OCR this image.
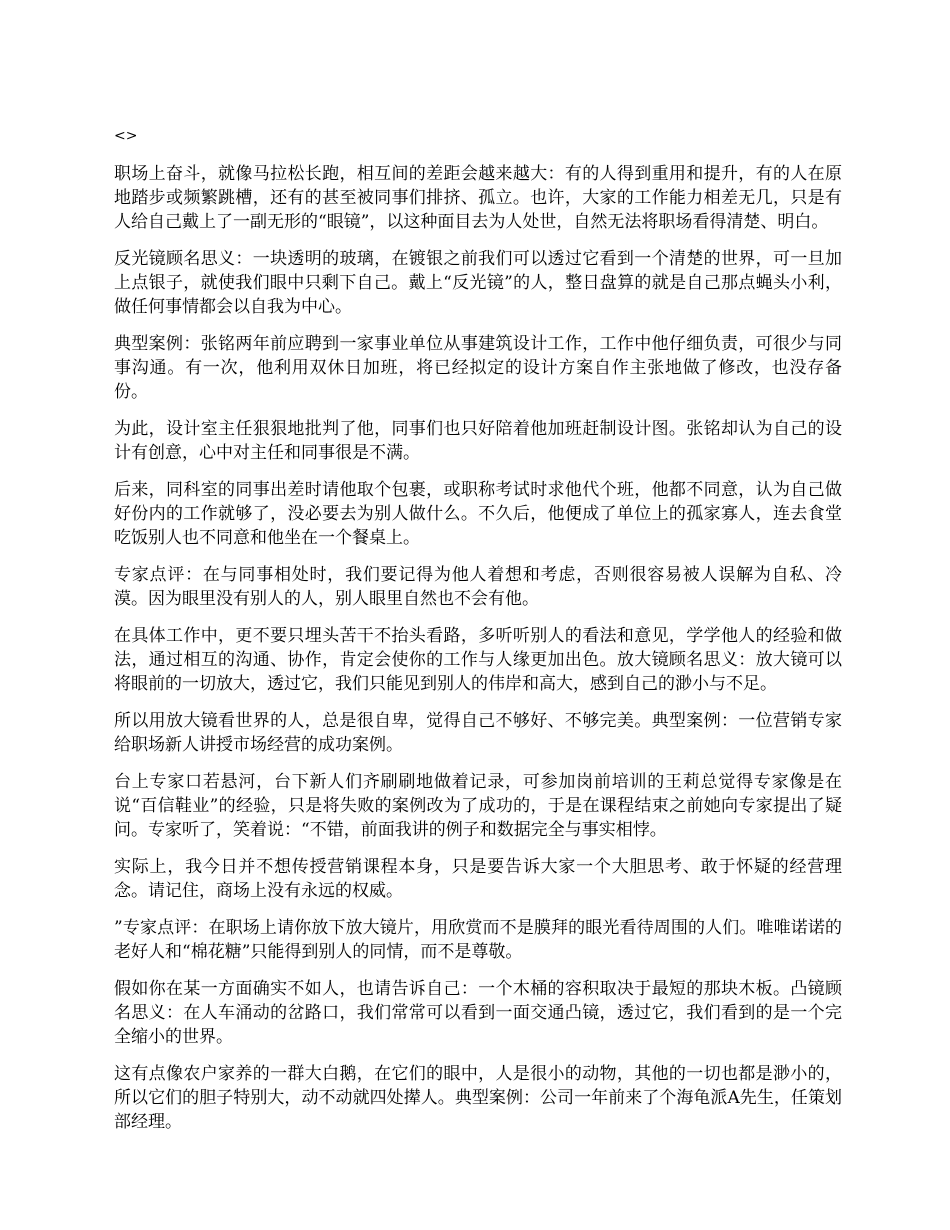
<>

职场上奋斗，就像马拉松长跑，相互间的差距会越来越大：有的人得到重用和提升，有的人在原地踏步或频繁跳槽，还有的甚至被同事们排挤、孤立。也许，大家的工作能力相差无几，只是有人给自己戴上了一副无形的“眼镜”，以这种面目去为人处世，自然无法将职场看得清楚、明白。

反光镜顾名思义：一块透明的玻璃，在镀银之前我们可以透过它看到一个清楚的世界，可一旦加上点银子，就使我们眼中只剩下自己。戴上“反光镜”的人，整日盘算的就是自己那点蝇头小利，做任何事情都会以自我为中心。

典型案例：张铭两年前应聘到一家事业单位从事建筑设计工作，工作中他仔细负责，可很少与同事沟通。有一次，他利用双休日加班，将已经拟定的设计方案自作主张地做了修改，也没存备份。

为此，设计室主任狠狠地批判了他，同事们也只好陪着他加班赶制设计图。张铭却认为自己的设计有创意，心中对主任和同事很是不满。

后来，同科室的同事出差时请他取个包裹，或职称考试时求他代个班，他都不同意，认为自己做好份内的工作就够了，没必要去为别人做什么。不久后，他便成了单位上的孤家寡人，连去食堂吃饭别人也不同意和他坐在一个餐桌上。

专家点评：在与同事相处时，我们要记得为他人着想和考虑，否则很容易被人误解为自私、冷漠。因为眼里没有别人的人，别人眼里自然也不会有他。

在具体工作中，更不要只埋头苦干不抬头看路，多听听别人的看法和意见，学学他人的经验和做法，通过相互的沟通、协作，肯定会使你的工作与人缘更加出色。放大镜顾名思义：放大镜可以将眼前的一切放大，透过它，我们只能见到别人的伟岸和高大，感到自己的渺小与不足。

所以用放大镜看世界的人，总是很自卑，觉得自己不够好、不够完美。典型案例：一位营销专家给职场新人讲授市场经营的成功案例。

台上专家口若悬河，台下新人们齐刷刷地做着记录，可参加岗前培训的王莉总觉得专家像是在说“百信鞋业”的经验，只是将失败的案例改为了成功的，于是在课程结束之前她向专家提出了疑问。专家听了，笑着说：“不错，前面我讲的例子和数据完全与事实相悖。

实际上，我今日并不想传授营销课程本身，只是要告诉大家一个大胆思考、敢于怀疑的经营理念。请记住，商场上没有永远的权威。

”专家点评：在职场上请你放下放大镜片，用欣赏而不是膜拜的眼光看待周围的人们。唯唯诺诺的老好人和“棉花糖”只能得到别人的同情，而不是尊敬。

假如你在某一方面确实不如人，也请告诉自己：一个木桶的容积取决于最短的那块木板。凸镜顾名思义：在人车涌动的岔路口，我们常常可以看到一面交通凸镜，透过它，我们看到的是一个完全缩小的世界。

这有点像农户家养的一群大白鹅，在它们的眼中，人是很小的动物，其他的一切也都是渺小的，所以它们的胆子特别大，动不动就四处撵人。典型案例：公司一年前来了个海龟派A先生，任策划部经理。
